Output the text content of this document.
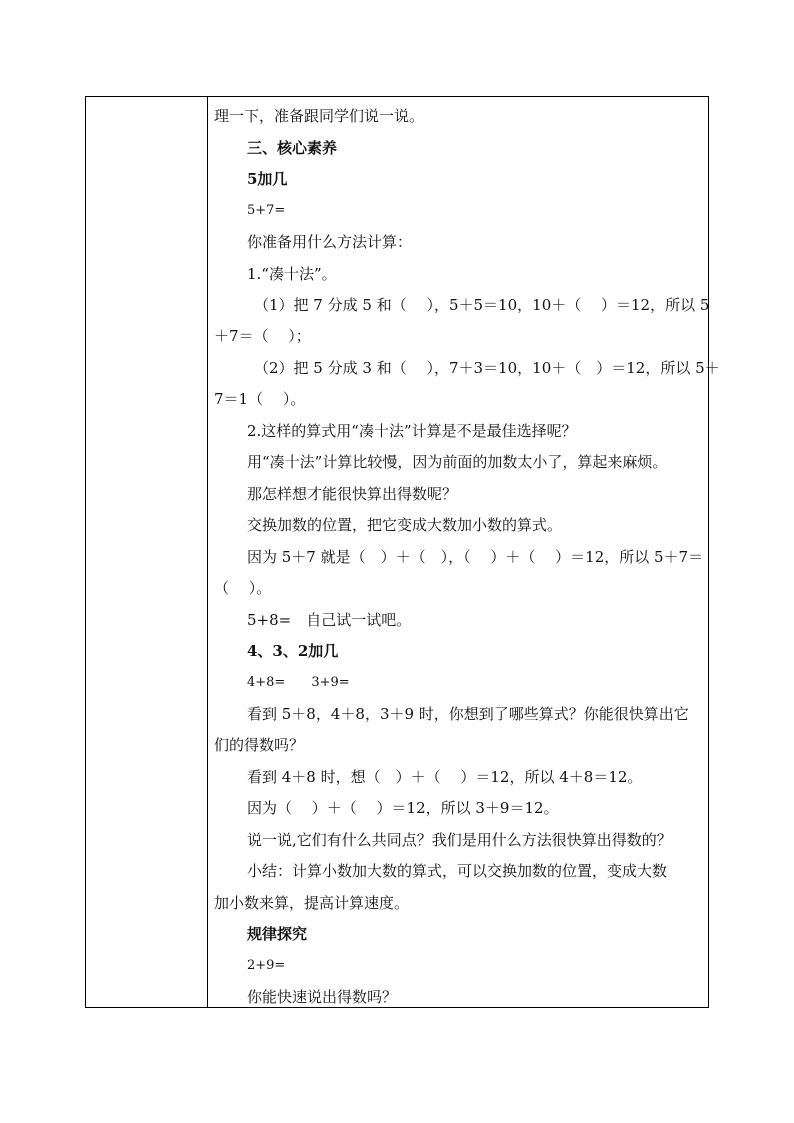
理一下，准备跟同学们说一说。
三、核心素养
5加几
5+7=
你准备用什么方法计算：
1.“凑十法”。
（1）把 7 分成 5 和（　 ），5＋5＝10，10＋（　 ）＝12，所以 5
＋7＝（　 ）；
（2）把 5 分成 3 和（　 ），7＋3＝10，10＋（　）＝12，所以 5＋
7＝1（　 ）。
2.这样的算式用“凑十法”计算是不是最佳选择呢？
用“凑十法”计算比较慢，因为前面的加数太小了，算起来麻烦。
那怎样想才能很快算出得数呢？
交换加数的位置，把它变成大数加小数的算式。
因为 5＋7 就是（　）＋（　），（　 ）＋（　 ）＝12，所以 5＋7＝
（　 ）。
5+8=　自己试一试吧。
4、3、2加几
4+8=　　3+9=
看到 5＋8，4＋8，3＋9 时，你想到了哪些算式？你能很快算出它
们的得数吗？
看到 4＋8 时，想（　）＋（　 ）＝12，所以 4＋8＝12。
因为（　 ）＋（　 ）＝12，所以 3＋9＝12。
说一说,它们有什么共同点？我们是用什么方法很快算出得数的？
小结：计算小数加大数的算式，可以交换加数的位置，变成大数
加小数来算，提高计算速度。
规律探究
2+9=
你能快速说出得数吗？
